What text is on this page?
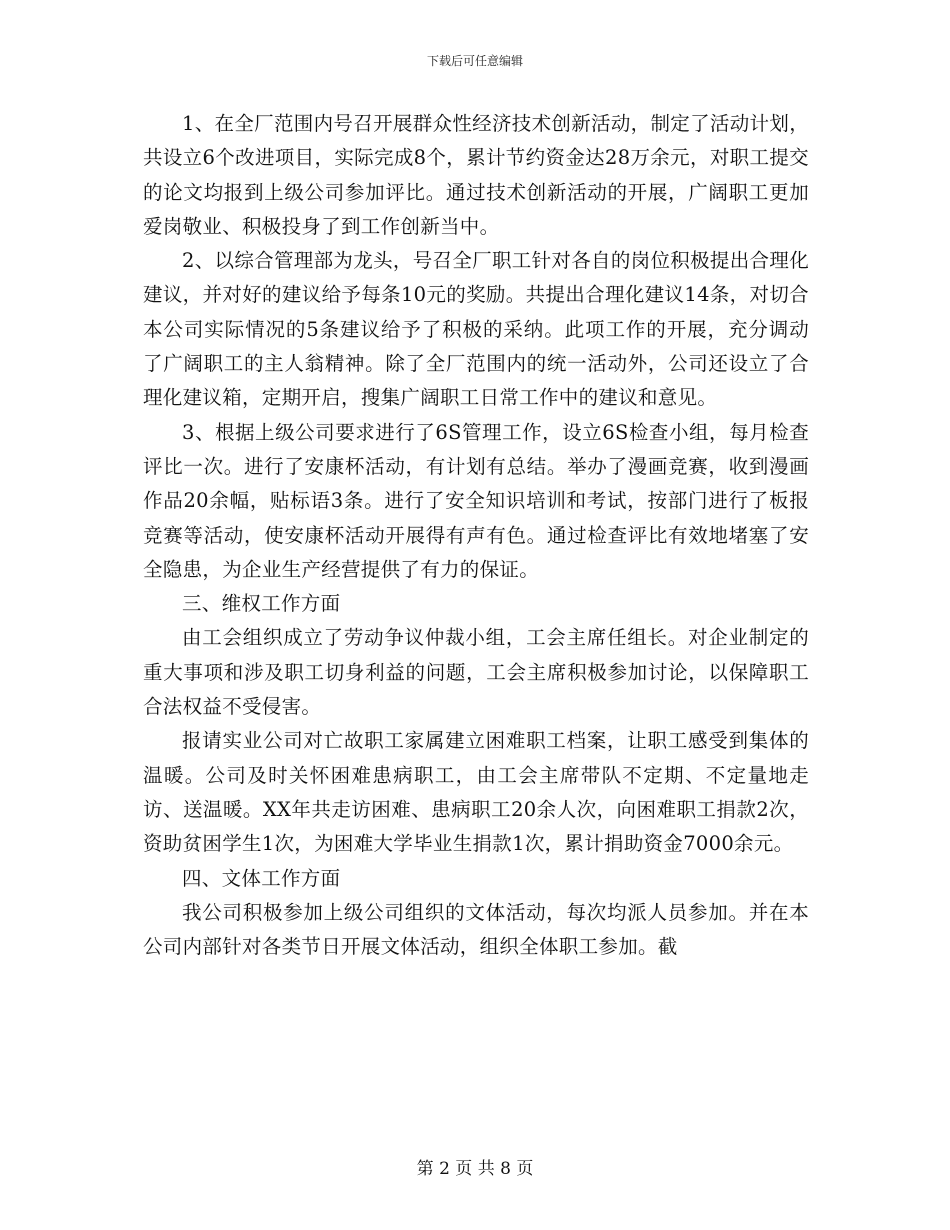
下载后可任意编辑

1、在全厂范围内号召开展群众性经济技术创新活动，制定了活动计划，共设立6个改进项目，实际完成8个，累计节约资金达28万余元，对职工提交的论文均报到上级公司参加评比。通过技术创新活动的开展，广阔职工更加爱岗敬业、积极投身了到工作创新当中。

2、以综合管理部为龙头，号召全厂职工针对各自的岗位积极提出合理化建议，并对好的建议给予每条10元的奖励。共提出合理化建议14条，对切合本公司实际情况的5条建议给予了积极的采纳。此项工作的开展，充分调动了广阔职工的主人翁精神。除了全厂范围内的统一活动外，公司还设立了合理化建议箱，定期开启，搜集广阔职工日常工作中的建议和意见。

3、根据上级公司要求进行了6S管理工作，设立6S检查小组，每月检查评比一次。进行了安康杯活动，有计划有总结。举办了漫画竞赛，收到漫画作品20余幅，贴标语3条。进行了安全知识培训和考试，按部门进行了板报竞赛等活动，使安康杯活动开展得有声有色。通过检查评比有效地堵塞了安全隐患，为企业生产经营提供了有力的保证。

三、维权工作方面

由工会组织成立了劳动争议仲裁小组，工会主席任组长。对企业制定的重大事项和涉及职工切身利益的问题，工会主席积极参加讨论，以保障职工合法权益不受侵害。

报请实业公司对亡故职工家属建立困难职工档案，让职工感受到集体的温暖。公司及时关怀困难患病职工，由工会主席带队不定期、不定量地走访、送温暖。XX年共走访困难、患病职工20余人次，向困难职工捐款2次，资助贫困学生1次，为困难大学毕业生捐款1次，累计捐助资金7000余元。

四、文体工作方面

我公司积极参加上级公司组织的文体活动，每次均派人员参加。并在本公司内部针对各类节日开展文体活动，组织全体职工参加。截

第 2 页 共 8 页
